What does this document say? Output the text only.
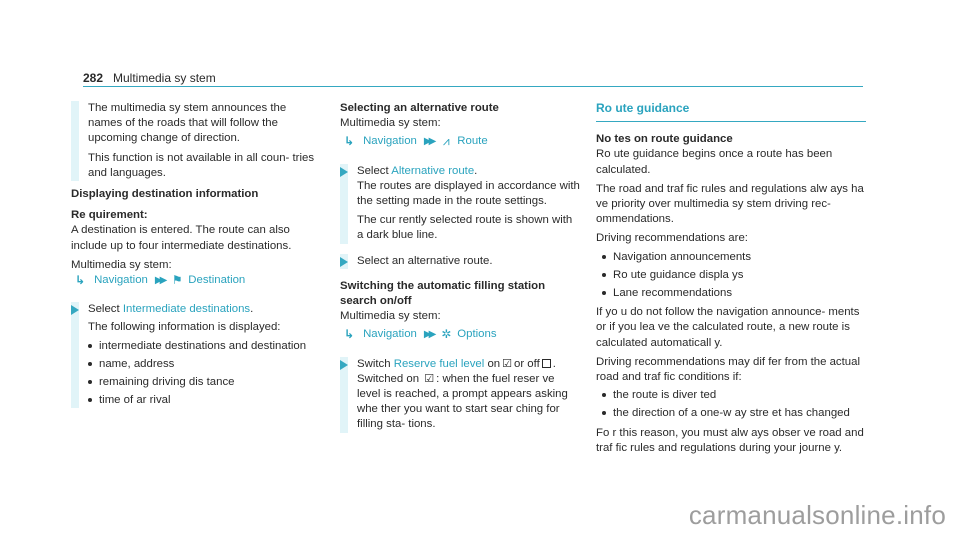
282 Multimedia sy stem

The multimedia sy stem announces the names of the roads that will follow the upcoming change of direction.

This function is not available in all coun‐ tries and languages.

Displaying destination information

Re quirement:

A destination is entered. The route can also include up to four intermediate destinations.

Multimedia sy stem:

↳ Navigation ▶▶ ⚑ Destination
Select Intermediate destinations.

The following information is displayed:

intermediate destinations and destination
name, address
remaining driving dis tance
time of ar rival

Selecting an alternative route

Multimedia sy stem:

↳ Navigation ▶▶ ⩘ Route
Select Alternative route.

The routes are displayed in accordance with the setting made in the route settings.

The cur rently selected route is shown with a dark blue line.

Select an alternative route.

Switching the automatic filling station search on/off

Multimedia sy stem:

↳ Navigation ▶▶ ✲ Options
Switch Reserve fuel level on ☑ or off .

Switched on ☑ : when the fuel reser ve level is reached, a prompt appears asking whe ther you want to start sear ching for filling sta‐ tions.

Ro ute guidance

No tes on route guidance

Ro ute guidance begins once a route has been calculated.

The road and traf fic rules and regulations alw ays ha ve priority over multimedia sy stem driving rec‐ ommendations.

Driving recommendations are:

Navigation announcements
Ro ute guidance displa ys
Lane recommendations

If yo u do not follow the navigation announce‐ ments or if you lea ve the calculated route, a new route is calculated automaticall y.

Driving recommendations may dif fer from the actual road and traf fic conditions if:

the route is diver ted
the direction of a one-w ay stre et has changed

Fo r this reason, you must alw ays obser ve road and traf fic rules and regulations during your journe y.

carmanualsonline.info
